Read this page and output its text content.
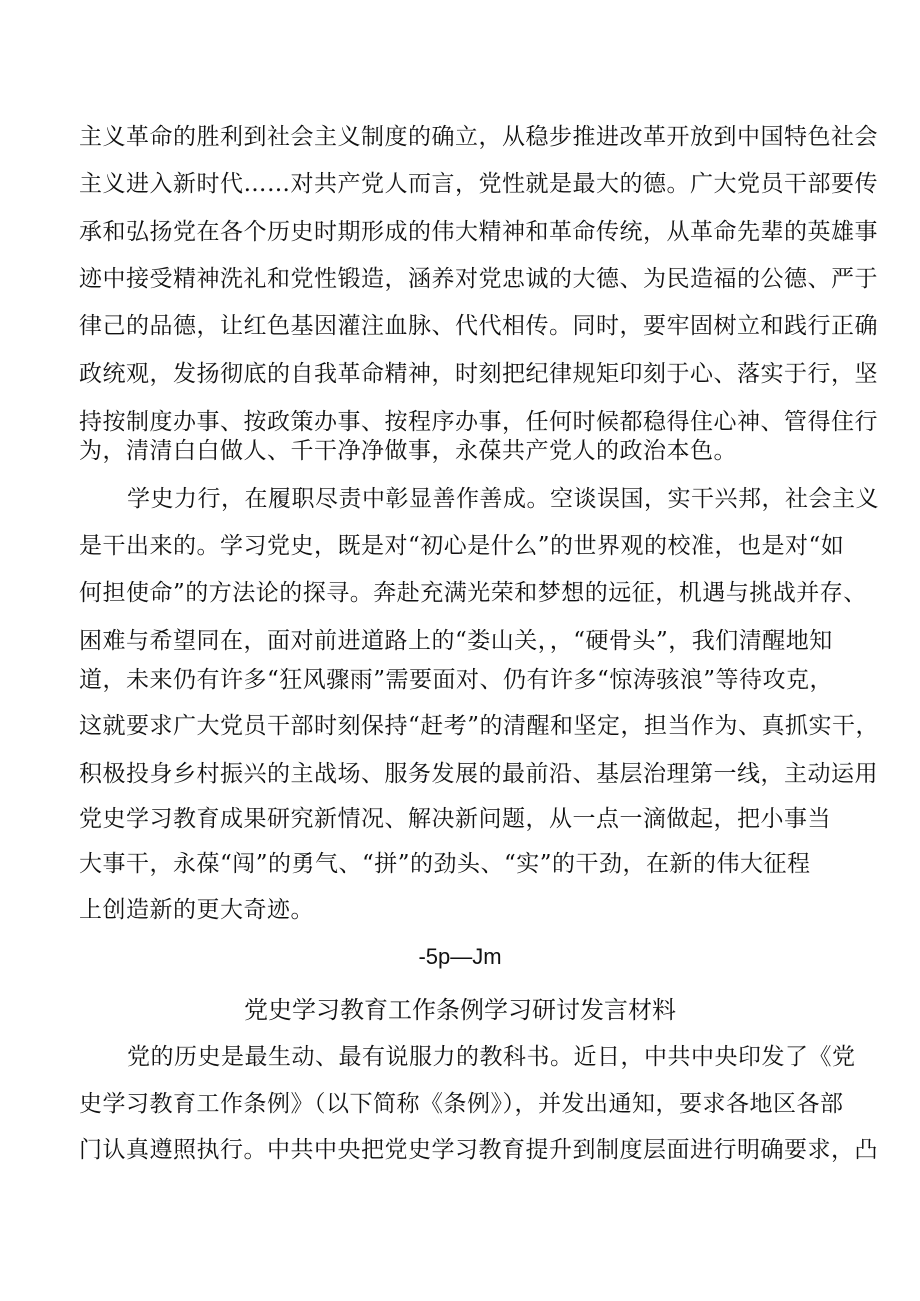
主义革命的胜利到社会主义制度的确立，从稳步推进改革开放到中国特色社会
主义进入新时代……对共产党人而言，党性就是最大的德。广大党员干部要传
承和弘扬党在各个历史时期形成的伟大精神和革命传统，从革命先辈的英雄事
迹中接受精神洗礼和党性锻造，涵养对党忠诚的大德、为民造福的公德、严于
律己的品德，让红色基因灌注血脉、代代相传。同时，要牢固树立和践行正确
政统观，发扬彻底的自我革命精神，时刻把纪律规矩印刻于心、落实于行，坚
持按制度办事、按政策办事、按程序办事，任何时候都稳得住心神、管得住行
为，清清白白做人、千干净净做事，永葆共产党人的政治本色。
学史力行，在履职尽责中彰显善作善成。空谈误国，实干兴邦，社会主义
是干出来的。学习党史，既是对“初心是什么”的世界观的校准，也是对“如
何担使命”的方法论的探寻。奔赴充满光荣和梦想的远征，机遇与挑战并存、
困难与希望同在，面对前进道路上的“娄山关，，“硬骨头”，我们清醒地知
道，未来仍有许多“狂风骤雨”需要面对、仍有许多“惊涛骇浪”等待攻克，
这就要求广大党员干部时刻保持“赶考”的清醒和坚定，担当作为、真抓实干，
积极投身乡村振兴的主战场、服务发展的最前沿、基层治理第一线，主动运用
党史学习教育成果研究新情况、解决新问题，从一点一滴做起，把小事当
大事干，永葆“闯”的勇气、“拼”的劲头、“实”的干劲，在新的伟大征程
上创造新的更大奇迹。
-5p—Jm
党史学习教育工作条例学习研讨发言材料
党的历史是最生动、最有说服力的教科书。近日，中共中央印发了《党
史学习教育工作条例》（以下简称《条例》），并发出通知，要求各地区各部
门认真遵照执行。中共中央把党史学习教育提升到制度层面进行明确要求，凸
